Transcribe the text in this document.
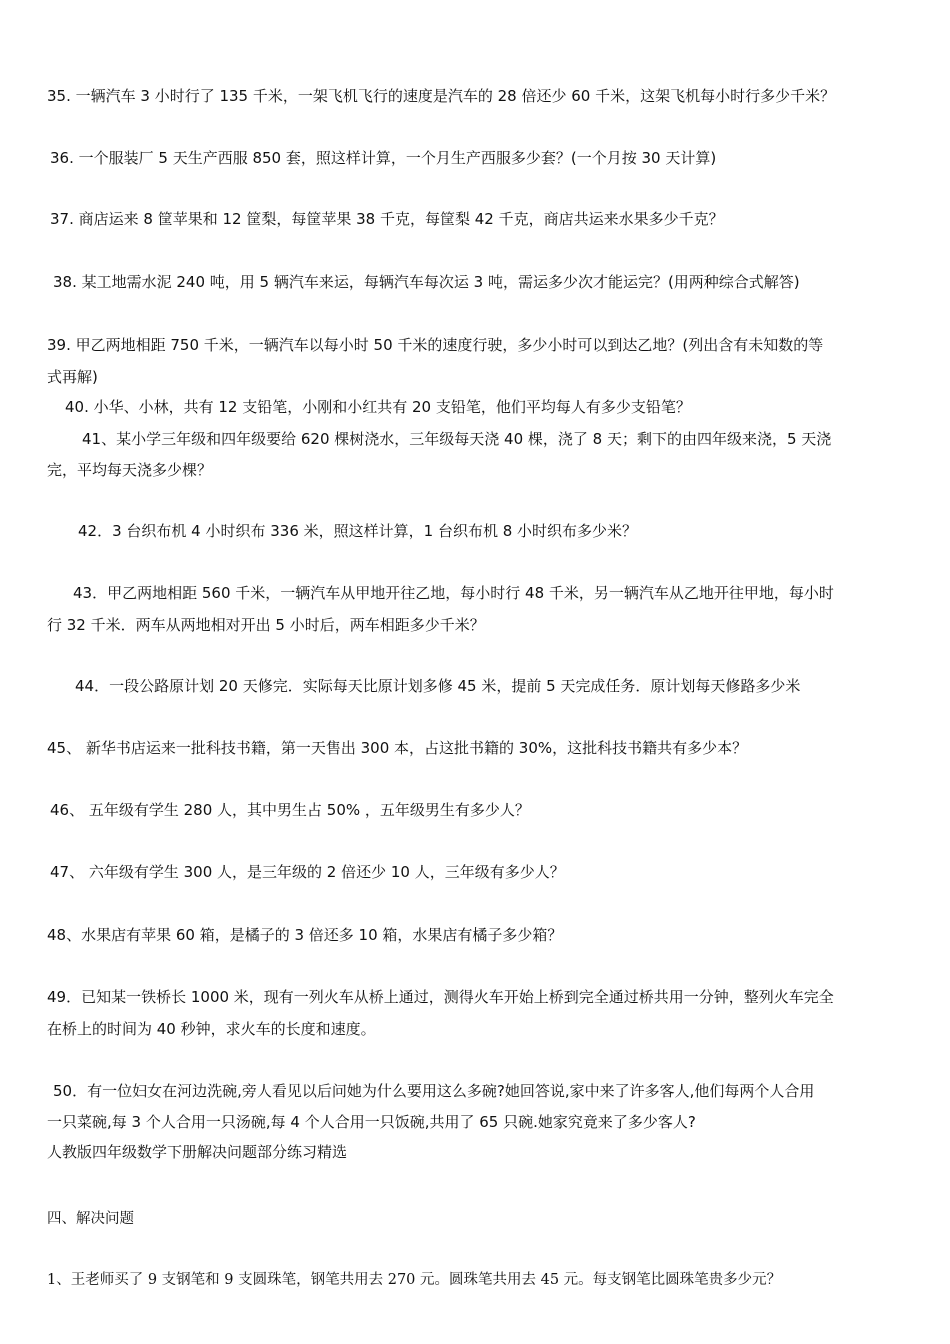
35. 一辆汽车 3 小时行了 135 千米，一架飞机飞行的速度是汽车的 28 倍还少 60 千米，这架飞机每小时行多少千米？

36. 一个服装厂 5 天生产西服 850 套，照这样计算，一个月生产西服多少套？(一个月按 30 天计算)

37. 商店运来 8 筐苹果和 12 筐梨，每筐苹果 38 千克，每筐梨 42 千克，商店共运来水果多少千克？

38. 某工地需水泥 240 吨，用 5 辆汽车来运，每辆汽车每次运 3 吨，需运多少次才能运完？(用两种综合式解答)

39. 甲乙两地相距 750 千米，一辆汽车以每小时 50 千米的速度行驶，多少小时可以到达乙地？(列出含有未知数的等

式再解)

40. 小华、小林，共有 12 支铅笔，小刚和小红共有 20 支铅笔，他们平均每人有多少支铅笔？

41、某小学三年级和四年级要给 620 棵树浇水，三年级每天浇 40 棵，浇了 8 天；剩下的由四年级来浇，5 天浇

完，平均每天浇多少棵？

42．3 台织布机 4 小时织布 336 米，照这样计算，1 台织布机 8 小时织布多少米？

43．甲乙两地相距 560 千米，一辆汽车从甲地开往乙地，每小时行 48 千米，另一辆汽车从乙地开往甲地，每小时

行 32 千米．两车从两地相对开出 5 小时后，两车相距多少千米？

44．一段公路原计划 20 天修完．实际每天比原计划多修 45 米，提前 5 天完成任务．原计划每天修路多少米

45、 新华书店运来一批科技书籍，第一天售出 300 本，占这批书籍的 30%，这批科技书籍共有多少本？

46、 五年级有学生 280 人，其中男生占 50% ，五年级男生有多少人？

47、 六年级有学生 300 人，是三年级的 2 倍还少 10 人，三年级有多少人？

48、水果店有苹果 60 箱，是橘子的 3 倍还多 10 箱，水果店有橘子多少箱？

49．已知某一铁桥长 1000 米，现有一列火车从桥上通过，测得火车开始上桥到完全通过桥共用一分钟，整列火车完全

在桥上的时间为 40 秒钟，求火车的长度和速度。

50．有一位妇女在河边洗碗,旁人看见以后问她为什么要用这么多碗?她回答说,家中来了许多客人,他们每两个人合用

一只菜碗,每 3 个人合用一只汤碗,每 4 个人合用一只饭碗,共用了 65 只碗.她家究竟来了多少客人?

人教版四年级数学下册解决问题部分练习精选

四、解决问题

1、王老师买了 9 支钢笔和 9 支圆珠笔，钢笔共用去 270 元。圆珠笔共用去 45 元。每支钢笔比圆珠笔贵多少元？
